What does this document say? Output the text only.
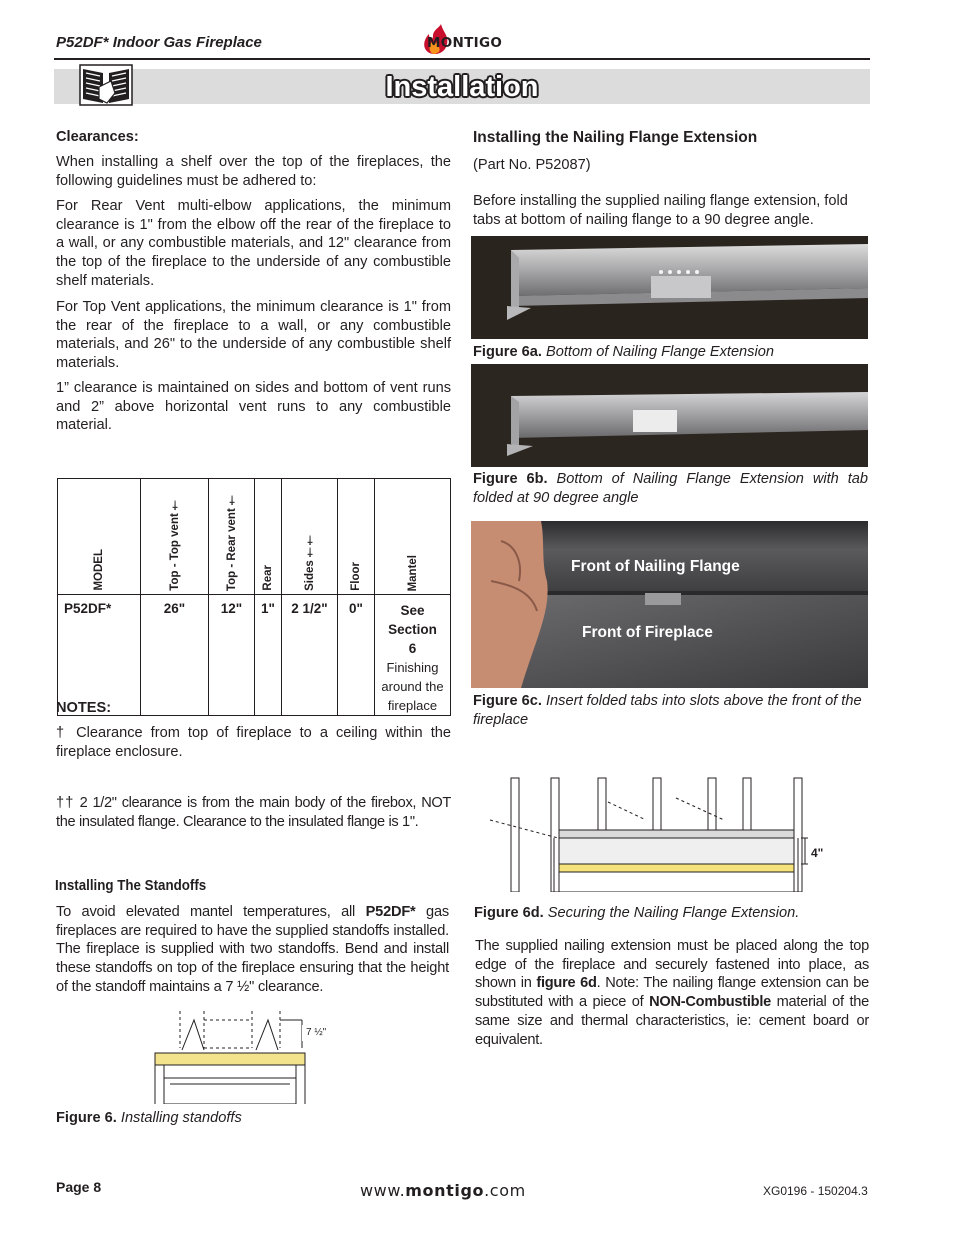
P52DF* Indoor Gas Fireplace	MONTIGO
Installation
Clearances:
When installing a shelf over the top of the fireplaces, the following guidelines must be adhered to:
For Rear Vent multi-elbow applications, the minimum clearance is 1" from the elbow off the rear of the fireplace to a wall, or any combustible materials, and 12" clearance from the top of the fireplace to the underside of any combustible shelf materials.
For Top Vent applications, the minimum clearance is 1" from the rear of the fireplace to a wall, or any combustible materials, and 26" to the underside of any combustible shelf materials.
1” clearance is maintained on sides and bottom of vent runs and 2” above horizontal vent runs to any combustible material.
MODEL	Top - Top vent †	Top - Rear vent †	Rear	Sides ††	Floor	Mantel
P52DF*	26"	12"	1"	2 1/2"	0"	See Section 6
Finishing around the fireplace
NOTES:
† Clearance from top of fireplace to a ceiling within the fireplace enclosure.
†† 2 1/2" clearance is from the main body of the firebox, NOT the insulated flange. Clearance to the insulated flange is 1".
Installing The Standoffs
To avoid elevated mantel temperatures, all P52DF* gas fireplaces are required to have the supplied standoffs installed. The fireplace is supplied with two standoffs. Bend and install these standoffs on top of the fireplace ensuring that the height of the standoff maintains a 7 ½" clearance.
7 ½"
Figure 6. Installing standoffs
Installing the Nailing Flange Extension
(Part No. P52087)
Before installing the supplied nailing flange extension, fold tabs at bottom of nailing flange to a 90 degree angle.
Figure 6a. Bottom of Nailing Flange Extension
Figure 6b. Bottom of Nailing Flange Extension with tab folded at 90 degree angle
Front of Nailing Flange
Front of Fireplace
Figure 6c. Insert folded tabs into slots above the front of the fireplace
4"
Figure 6d. Securing the Nailing Flange Extension.
The supplied nailing extension must be placed along the top edge of the fireplace and securely fastened into place, as shown in figure 6d. Note: The nailing flange extension can be substituted with a piece of NON-Combustible material of the same size and thermal characteristics, ie: cement board or equivalent.
Page 8	www.montigo.com	XG0196 - 150204.3
